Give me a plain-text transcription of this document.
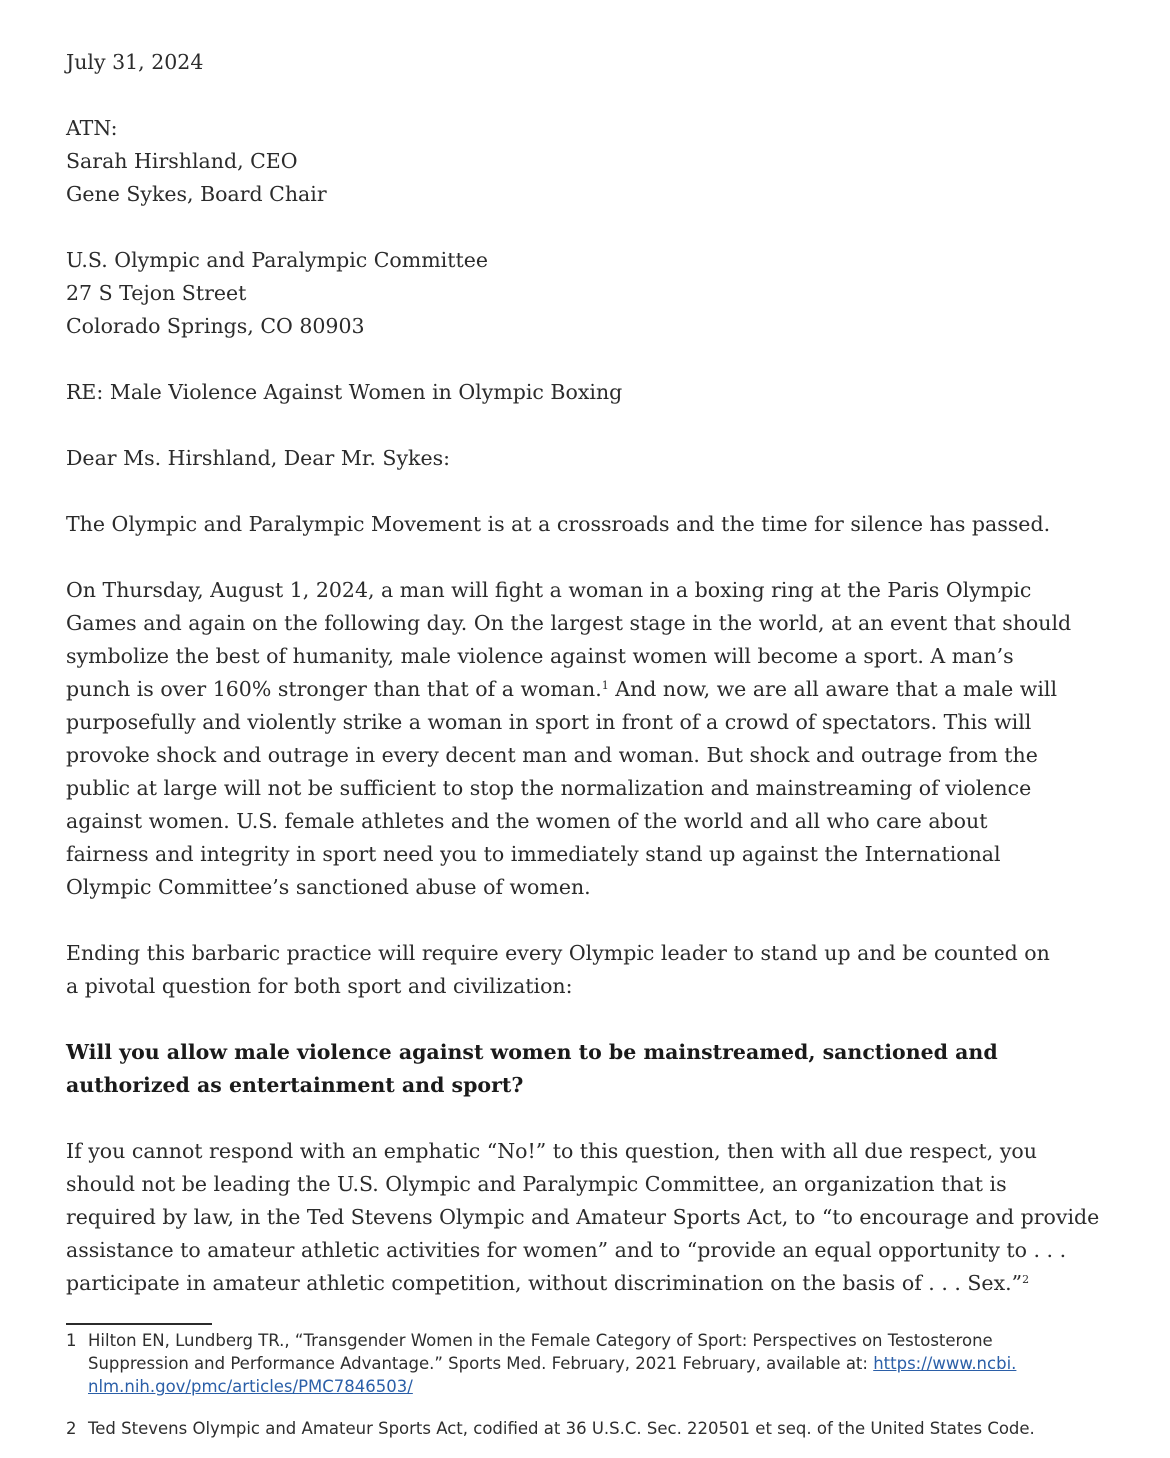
July 31, 2024

ATN:

Sarah Hirshland, CEO

Gene Sykes, Board Chair

U.S. Olympic and Paralympic Committee

27 S Tejon Street

Colorado Springs, CO 80903

RE: Male Violence Against Women in Olympic Boxing

Dear Ms. Hirshland, Dear Mr. Sykes:

The Olympic and Paralympic Movement is at a crossroads and the time for silence has passed.

On Thursday, August 1, 2024, a man will fight a woman in a boxing ring at the Paris Olympic
Games and again on the following day. On the largest stage in the world, at an event that should
symbolize the best of humanity, male violence against women will become a sport. A man’s
punch is over 160% stronger than that of a woman.$^1$ And now, we are all aware that a male will
purposefully and violently strike a woman in sport in front of a crowd of spectators. This will
provoke shock and outrage in every decent man and woman. But shock and outrage from the
public at large will not be sufficient to stop the normalization and mainstreaming of violence
against women. U.S. female athletes and the women of the world and all who care about
fairness and integrity in sport need you to immediately stand up against the International
Olympic Committee’s sanctioned abuse of women.
Ending this barbaric practice will require every Olympic leader to stand up and be counted on
a pivotal question for both sport and civilization:
Will you allow male violence against women to be mainstreamed, sanctioned and
authorized as entertainment and sport?
If you cannot respond with an emphatic “No!” to this question, then with all due respect, you
should not be leading the U.S. Olympic and Paralympic Committee, an organization that is
required by law, in the Ted Stevens Olympic and Amateur Sports Act, to “to encourage and provide
assistance to amateur athletic activities for women” and to “provide an equal opportunity to . . .
participate in amateur athletic competition, without discrimination on the basis of . . . Sex.”$^2$
1 Hilton EN, Lundberg TR., “Transgender Women in the Female Category of Sport: Perspectives on Testosterone
Suppression and Performance Advantage.” Sports Med. February, 2021 February, available at: https://www.ncbi.
nlm.nih.gov/pmc/articles/PMC7846503/
2 Ted Stevens Olympic and Amateur Sports Act, codified at 36 U.S.C. Sec. 220501 et seq. of the United States Code.
